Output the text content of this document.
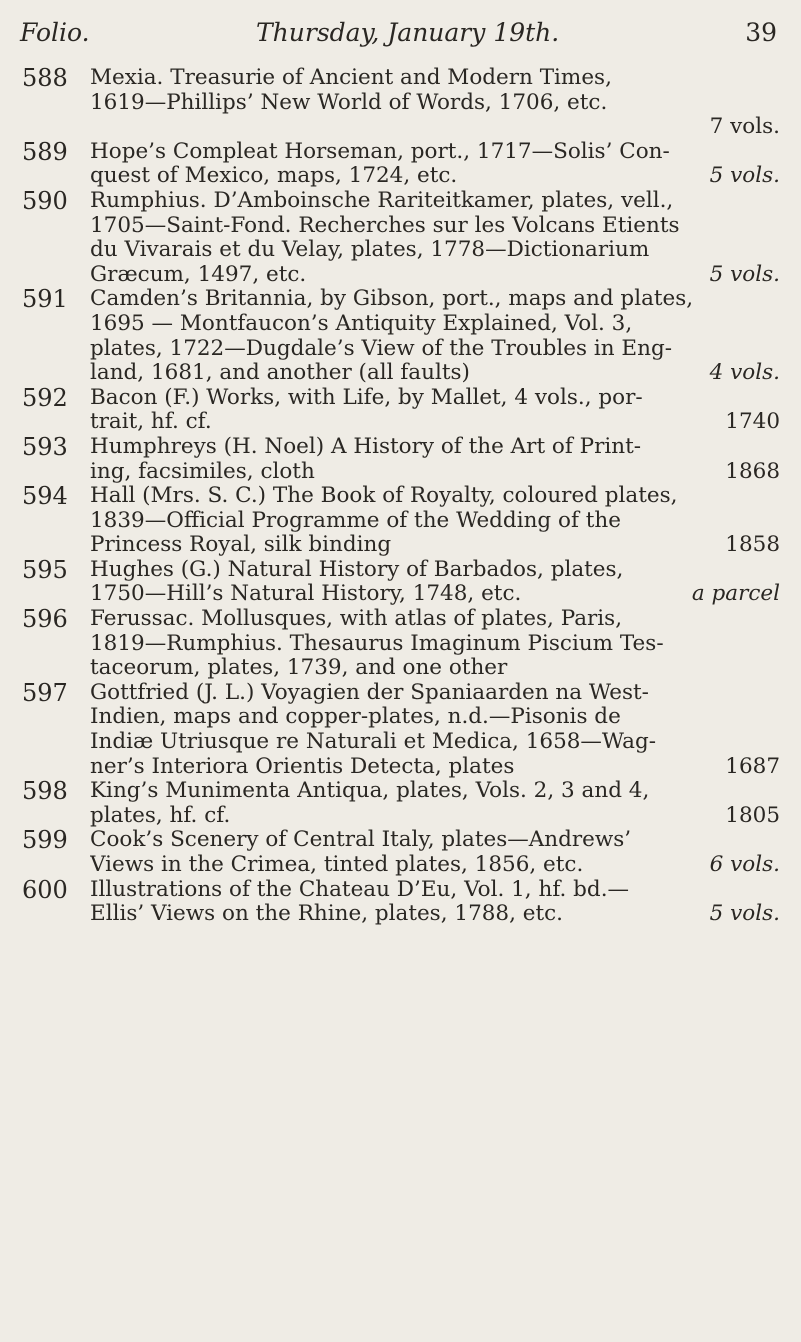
Folio.	Thursday, January 19th.	39
588 Mexia. Treasurie of Ancient and Modern Times,
1619—Phillips’ New World of Words, 1706, etc.
7 vols.
589 Hope’s Compleat Horseman, port., 1717—Solis’ Con-
quest of Mexico, maps, 1724, etc.	5 vols.
590 Rumphius. D’Amboinsche Rariteitkamer, plates, vell.,
1705—Saint-Fond. Recherches sur les Volcans Etients
du Vivarais et du Velay, plates, 1778—Dictionarium
Græcum, 1497, etc.	5 vols.
591 Camden’s Britannia, by Gibson, port., maps and plates,
1695 — Montfaucon’s Antiquity Explained, Vol. 3,
plates, 1722—Dugdale’s View of the Troubles in Eng-
land, 1681, and another (all faults)	4 vols.
592 Bacon (F.) Works, with Life, by Mallet, 4 vols., por-
trait, hf. cf.	1740
593 Humphreys (H. Noel) A History of the Art of Print-
ing, facsimiles, cloth	1868
594 Hall (Mrs. S. C.) The Book of Royalty, coloured plates,
1839—Official Programme of the Wedding of the
Princess Royal, silk binding	1858
595 Hughes (G.) Natural History of Barbados, plates,
1750—Hill’s Natural History, 1748, etc.	a parcel
596 Ferussac. Mollusques, with atlas of plates, Paris,
1819—Rumphius. Thesaurus Imaginum Piscium Tes-
taceorum, plates, 1739, and one other
597 Gottfried (J. L.) Voyagien der Spaniaarden na West-
Indien, maps and copper-plates, n.d.—Pisonis de
Indiæ Utriusque re Naturali et Medica, 1658—Wag-
ner’s Interiora Orientis Detecta, plates	1687
598 King’s Munimenta Antiqua, plates, Vols. 2, 3 and 4,
plates, hf. cf.	1805
599 Cook’s Scenery of Central Italy, plates—Andrews’
Views in the Crimea, tinted plates, 1856, etc.	6 vols.
600 Illustrations of the Chateau D’Eu, Vol. 1, hf. bd.—
Ellis’ Views on the Rhine, plates, 1788, etc.	5 vols.
